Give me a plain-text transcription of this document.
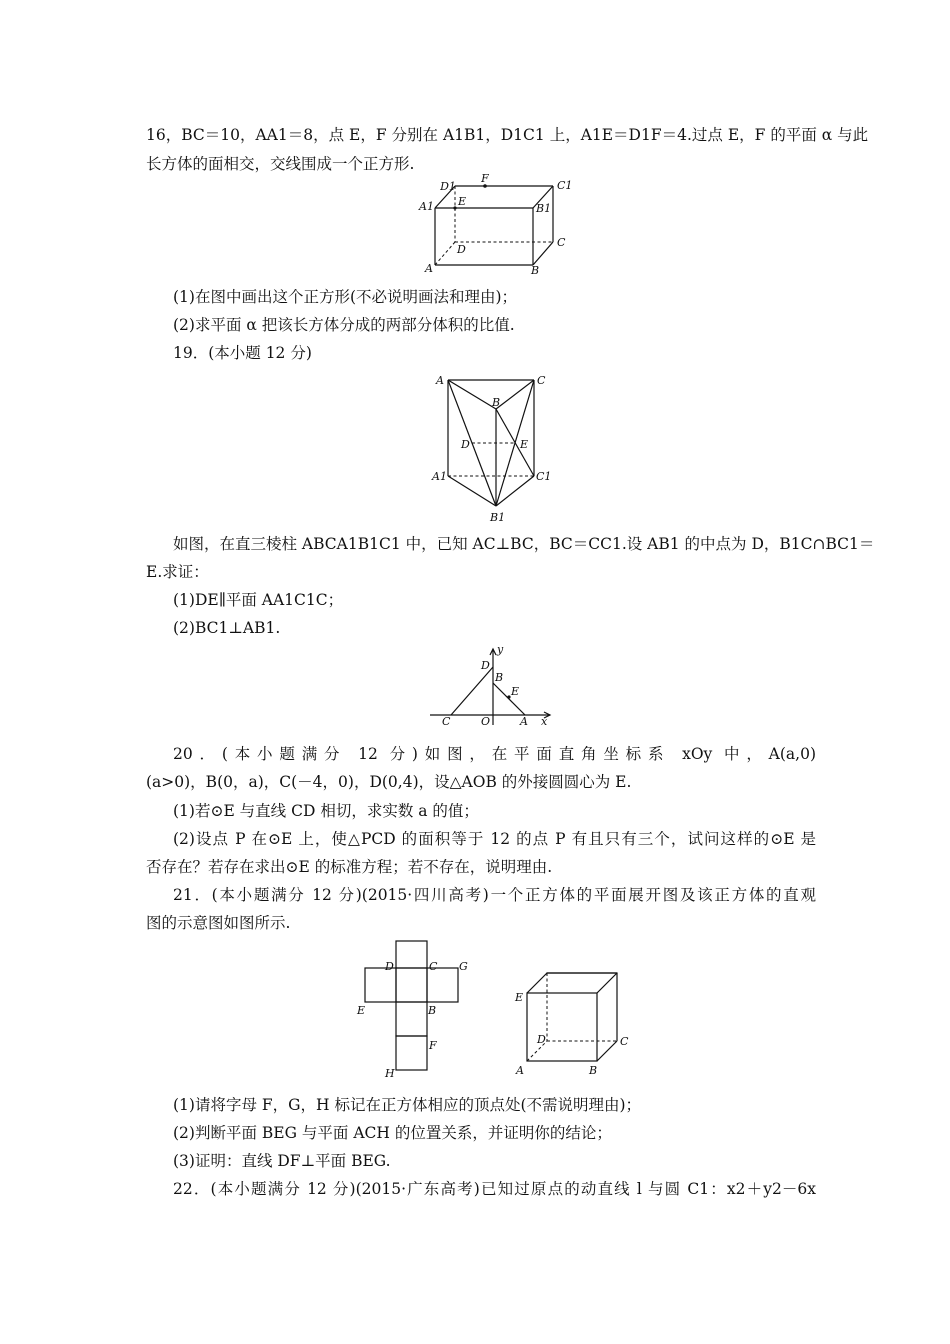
16，BC＝10，AA1＝8，点 E，F 分别在 A1B1，D1C1 上，A1E＝D1F＝4.过点 E，F 的平面 α 与此
长方体的面相交，交线围成一个正方形.
D1
F
C1
A1 E
B1
C
D
A	B
(1)在图中画出这个正方形(不必说明画法和理由)；
(2)求平面 α 把该长方体分成的两部分体积的比值.
19．(本小题 12 分)
A	C
B
D	E
A1	C1
B1
如图，在直三棱柱 ABCA1B1C1 中，已知 AC⊥BC，BC＝CC1.设 AB1 的中点为 D，B1C∩BC1＝
E.求证：
(1)DE∥平面 AA1C1C；
(2)BC1⊥AB1.
y
D
B
E
C	O	A x
20．(本小题满分 12 分)如图，在平面直角坐标系 xOy 中，A(a,0)
(a>0)，B(0，a)，C(－4，0)，D(0,4)，设△AOB 的外接圆圆心为 E.
(1)若⊙E 与直线 CD 相切，求实数 a 的值；
(2)设点 P 在⊙E 上，使△PCD 的面积等于 12 的点 P 有且只有三个，试问这样的⊙E 是
否存在？若存在求出⊙E 的标准方程；若不存在，说明理由.
21．(本小题满分 12 分)(2015·四川高考)一个正方体的平面展开图及该正方体的直观
图的示意图如图所示.
D	C G
E	B
F
H
E
D	C
A	B
(1)请将字母 F，G，H 标记在正方体相应的顶点处(不需说明理由)；
(2)判断平面 BEG 与平面 ACH 的位置关系，并证明你的结论；
(3)证明：直线 DF⊥平面 BEG.
22．(本小题满分 12 分)(2015·广东高考)已知过原点的动直线 l 与圆 C1：x2＋y2－6x
